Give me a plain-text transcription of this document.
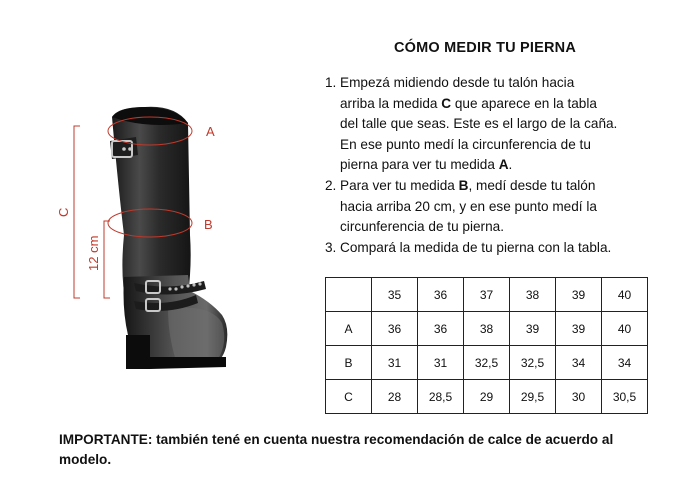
A
B
C
12 cm
CÓMO MEDIR TU PIERNA
1. Empezá midiendo desde tu talón hacia
arriba la medida C que aparece en la tabla
del talle que seas. Este es el largo de la caña.
En ese punto medí la circunferencia de tu
pierna para ver tu medida A.
2. Para ver tu medida B, medí desde tu talón
hacia arriba 20 cm, y en ese punto medí la
circunferencia de tu pierna.
3. Compará la medida de tu pierna con la tabla.
	35	36	37	38	39	40
A	36	36	38	39	39	40
B	31	31	32,5	32,5	34	34
C	28	28,5	29	29,5	30	30,5
IMPORTANTE: también tené en cuenta nuestra recomendación de calce de acuerdo al modelo.
